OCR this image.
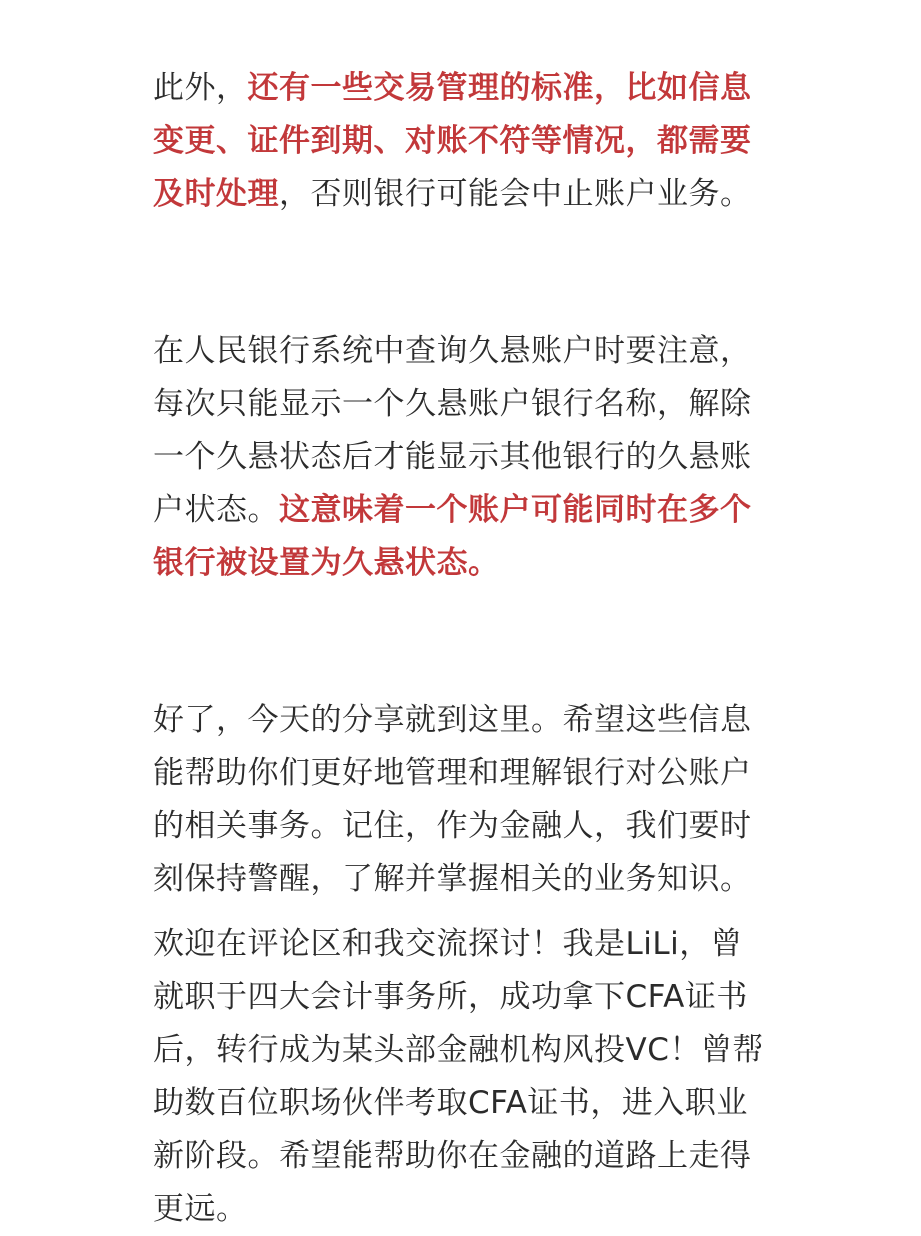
此外，还有一些交易管理的标准，比如信息变更、证件到期、对账不符等情况，都需要及时处理，否则银行可能会中止账户业务。

在人民银行系统中查询久悬账户时要注意，每次只能显示一个久悬账户银行名称，解除一个久悬状态后才能显示其他银行的久悬账户状态。这意味着一个账户可能同时在多个银行被设置为久悬状态。

好了，今天的分享就到这里。希望这些信息能帮助你们更好地管理和理解银行对公账户的相关事务。记住，作为金融人，我们要时刻保持警醒，了解并掌握相关的业务知识。

欢迎在评论区和我交流探讨！我是LiLi，曾就职于四大会计事务所，成功拿下CFA证书后，转行成为某头部金融机构风投VC！曾帮助数百位职场伙伴考取CFA证书，进入职业新阶段。希望能帮助你在金融的道路上走得更远。
